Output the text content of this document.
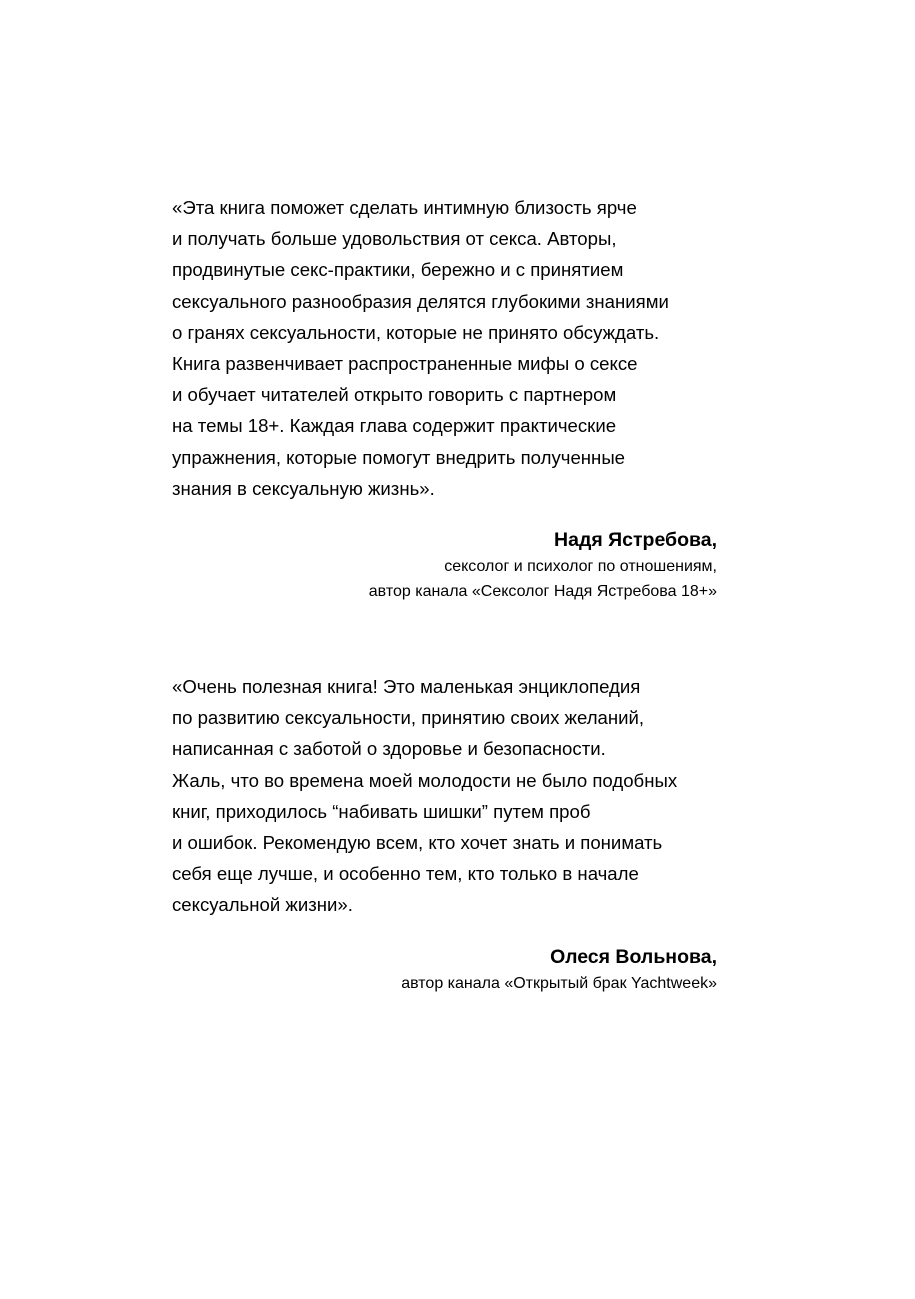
«Эта книга поможет сделать интимную близость ярче
и получать больше удовольствия от секса. Авторы,
продвинутые секс-практики, бережно и с принятием
сексуального разнообразия делятся глубокими знаниями
о гранях сексуальности, которые не принято обсуждать.
Книга развенчивает распространенные мифы о сексе
и обучает читателей открыто говорить с партнером
на темы 18+. Каждая глава содержит практические
упражнения, которые помогут внедрить полученные
знания в сексуальную жизнь».
Надя Ястребова,
сексолог и психолог по отношениям,
автор канала «Сексолог Надя Ястребова 18+»
«Очень полезная книга! Это маленькая энциклопедия
по развитию сексуальности, принятию своих желаний,
написанная с заботой о здоровье и безопасности.
Жаль, что во времена моей молодости не было подобных
книг, приходилось “набивать шишки” путем проб
и ошибок. Рекомендую всем, кто хочет знать и понимать
себя еще лучше, и особенно тем, кто только в начале
сексуальной жизни».
Олеся Вольнова,
автор канала «Открытый брак Yachtweek»
